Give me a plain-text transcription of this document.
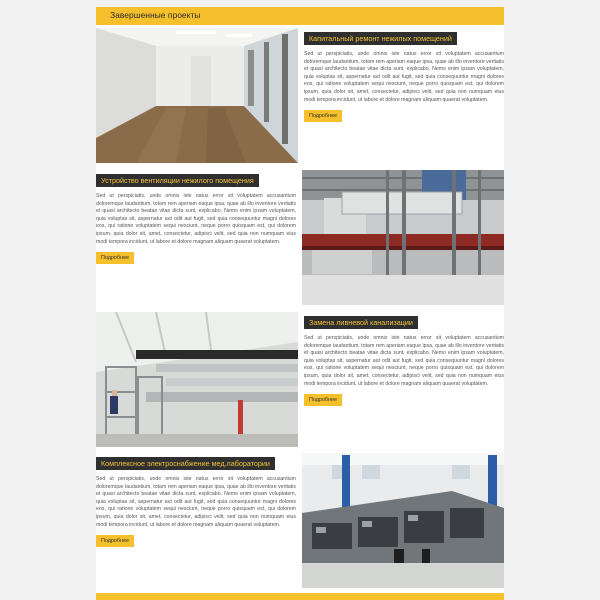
Завершенные проекты
Капитальный ремонт нежилых помещений

Sed ut perspiciatis, unde omnis iste natus error sit voluptatem accusantium doloremque laudantium, totam rem aperiam eaque ipsa, quae ab illo inventore veritatis et quasi architecto beatae vitae dicta sunt, explicabo. Nemo enim ipsam voluptatem, quia voluptas sit, aspernatur aut odit aut fugit, sed quia consequuntur magni dolores eos, qui ratione voluptatem sequi nesciunt, neque porro quisquam est, qui dolorem ipsum, quia dolor sit, amet, consectetur, adipisci velit, sed quia non numquam eius modi tempora incidunt, ut labore et dolore magnam aliquam quaerat voluptatem.

Подробнее
Устройство вентиляции нежилого помещения

Sed ut perspiciatis, unde omnis iste natus error sit voluptatem accusantium doloremque laudantium, totam rem aperiam eaque ipsa, quae ab illo inventore veritatis et quasi architecto beatae vitae dicta sunt, explicabo. Nemo enim ipsam voluptatem, quia voluptas sit, aspernatur aut odit aut fugit, sed quia consequuntur magni dolores eos, qui ratione voluptatem sequi nesciunt, neque porro quisquam est, qui dolorem ipsum, quia dolor sit, amet, consectetur, adipisci velit, sed quia non numquam eius modi tempora incidunt, ut labore et dolore magnam aliquam quaerat voluptatem.

Подробнее
Замена ливневой канализации

Sed ut perspiciatis, unde omnis iste natus error sit voluptatem accusantium doloremque laudantium, totam rem aperiam eaque ipsa, quae ab illo inventore veritatis et quasi architecto beatae vitae dicta sunt, explicabo. Nemo enim ipsam voluptatem, quia voluptas sit, aspernatur aut odit aut fugit, sed quia consequuntur magni dolores eos, qui ratione voluptatem sequi nesciunt, neque porro quisquam est, qui dolorem ipsum, quia dolor sit, amet, consectetur, adipisci velit, sed quia non numquam eius modi tempora incidunt, ut labore et dolore magnam aliquam quaerat voluptatem.

Подробнее
Комплексное электроснабжение мед.лаборатории

Sed ut perspiciatis, unde omnis iste natus error sit voluptatem accusantium doloremque laudantium, totam rem aperiam eaque ipsa, quae ab illo inventore veritatis et quasi architecto beatae vitae dicta sunt, explicabo. Nemo enim ipsam voluptatem, quia voluptas sit, aspernatur aut odit aut fugit, sed quia consequuntur magni dolores eos, qui ratione voluptatem sequi nesciunt, neque porro quisquam est, qui dolorem ipsum, quia dolor sit, amet, consectetur, adipisci velit, sed quia non numquam eius modi tempora incidunt, ut labore et dolore magnam aliquam quaerat voluptatem.

Подробнее
